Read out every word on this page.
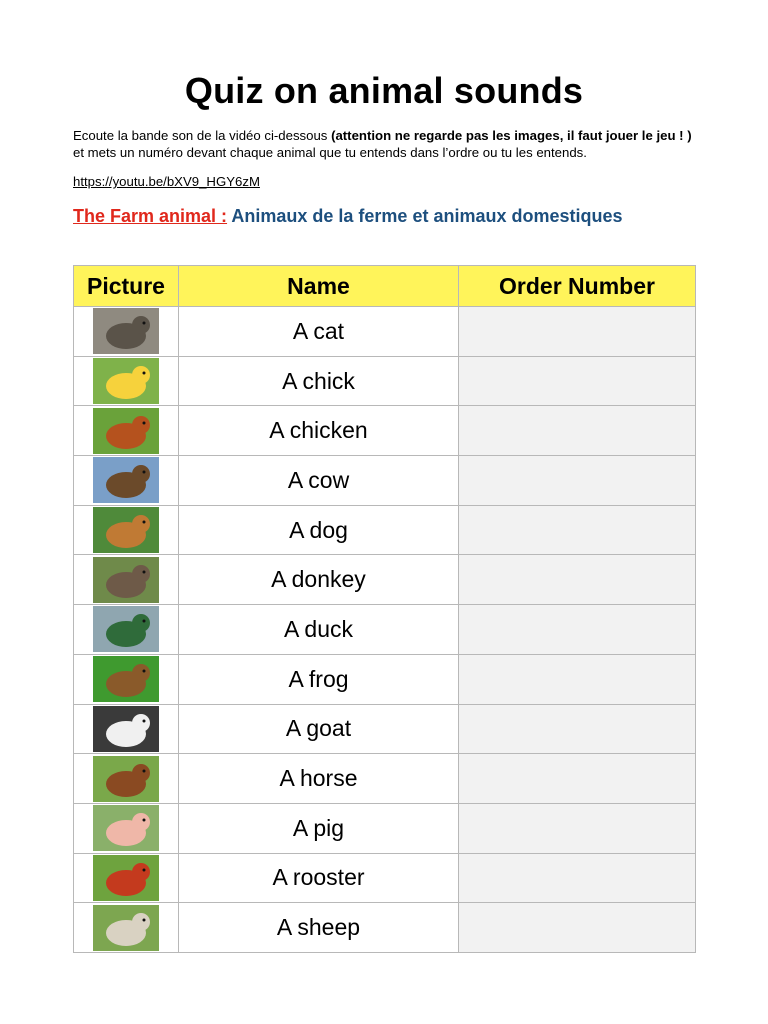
Quiz on animal sounds
Ecoute la bande son de la vidéo ci-dessous (attention ne regarde pas les images, il faut jouer le jeu ! ) et mets un numéro devant chaque animal que tu entends dans l’ordre ou tu les entends.
https://youtu.be/bXV9_HGY6zM
The Farm animal : Animaux de la ferme et animaux domestiques
Picture	Name	Order Number

	A cat	

	A chick	

	A chicken	

	A cow	

	A dog	

	A donkey	

	A duck	

	A frog	

	A goat	

	A horse	

	A pig	

	A rooster	

	A sheep	
